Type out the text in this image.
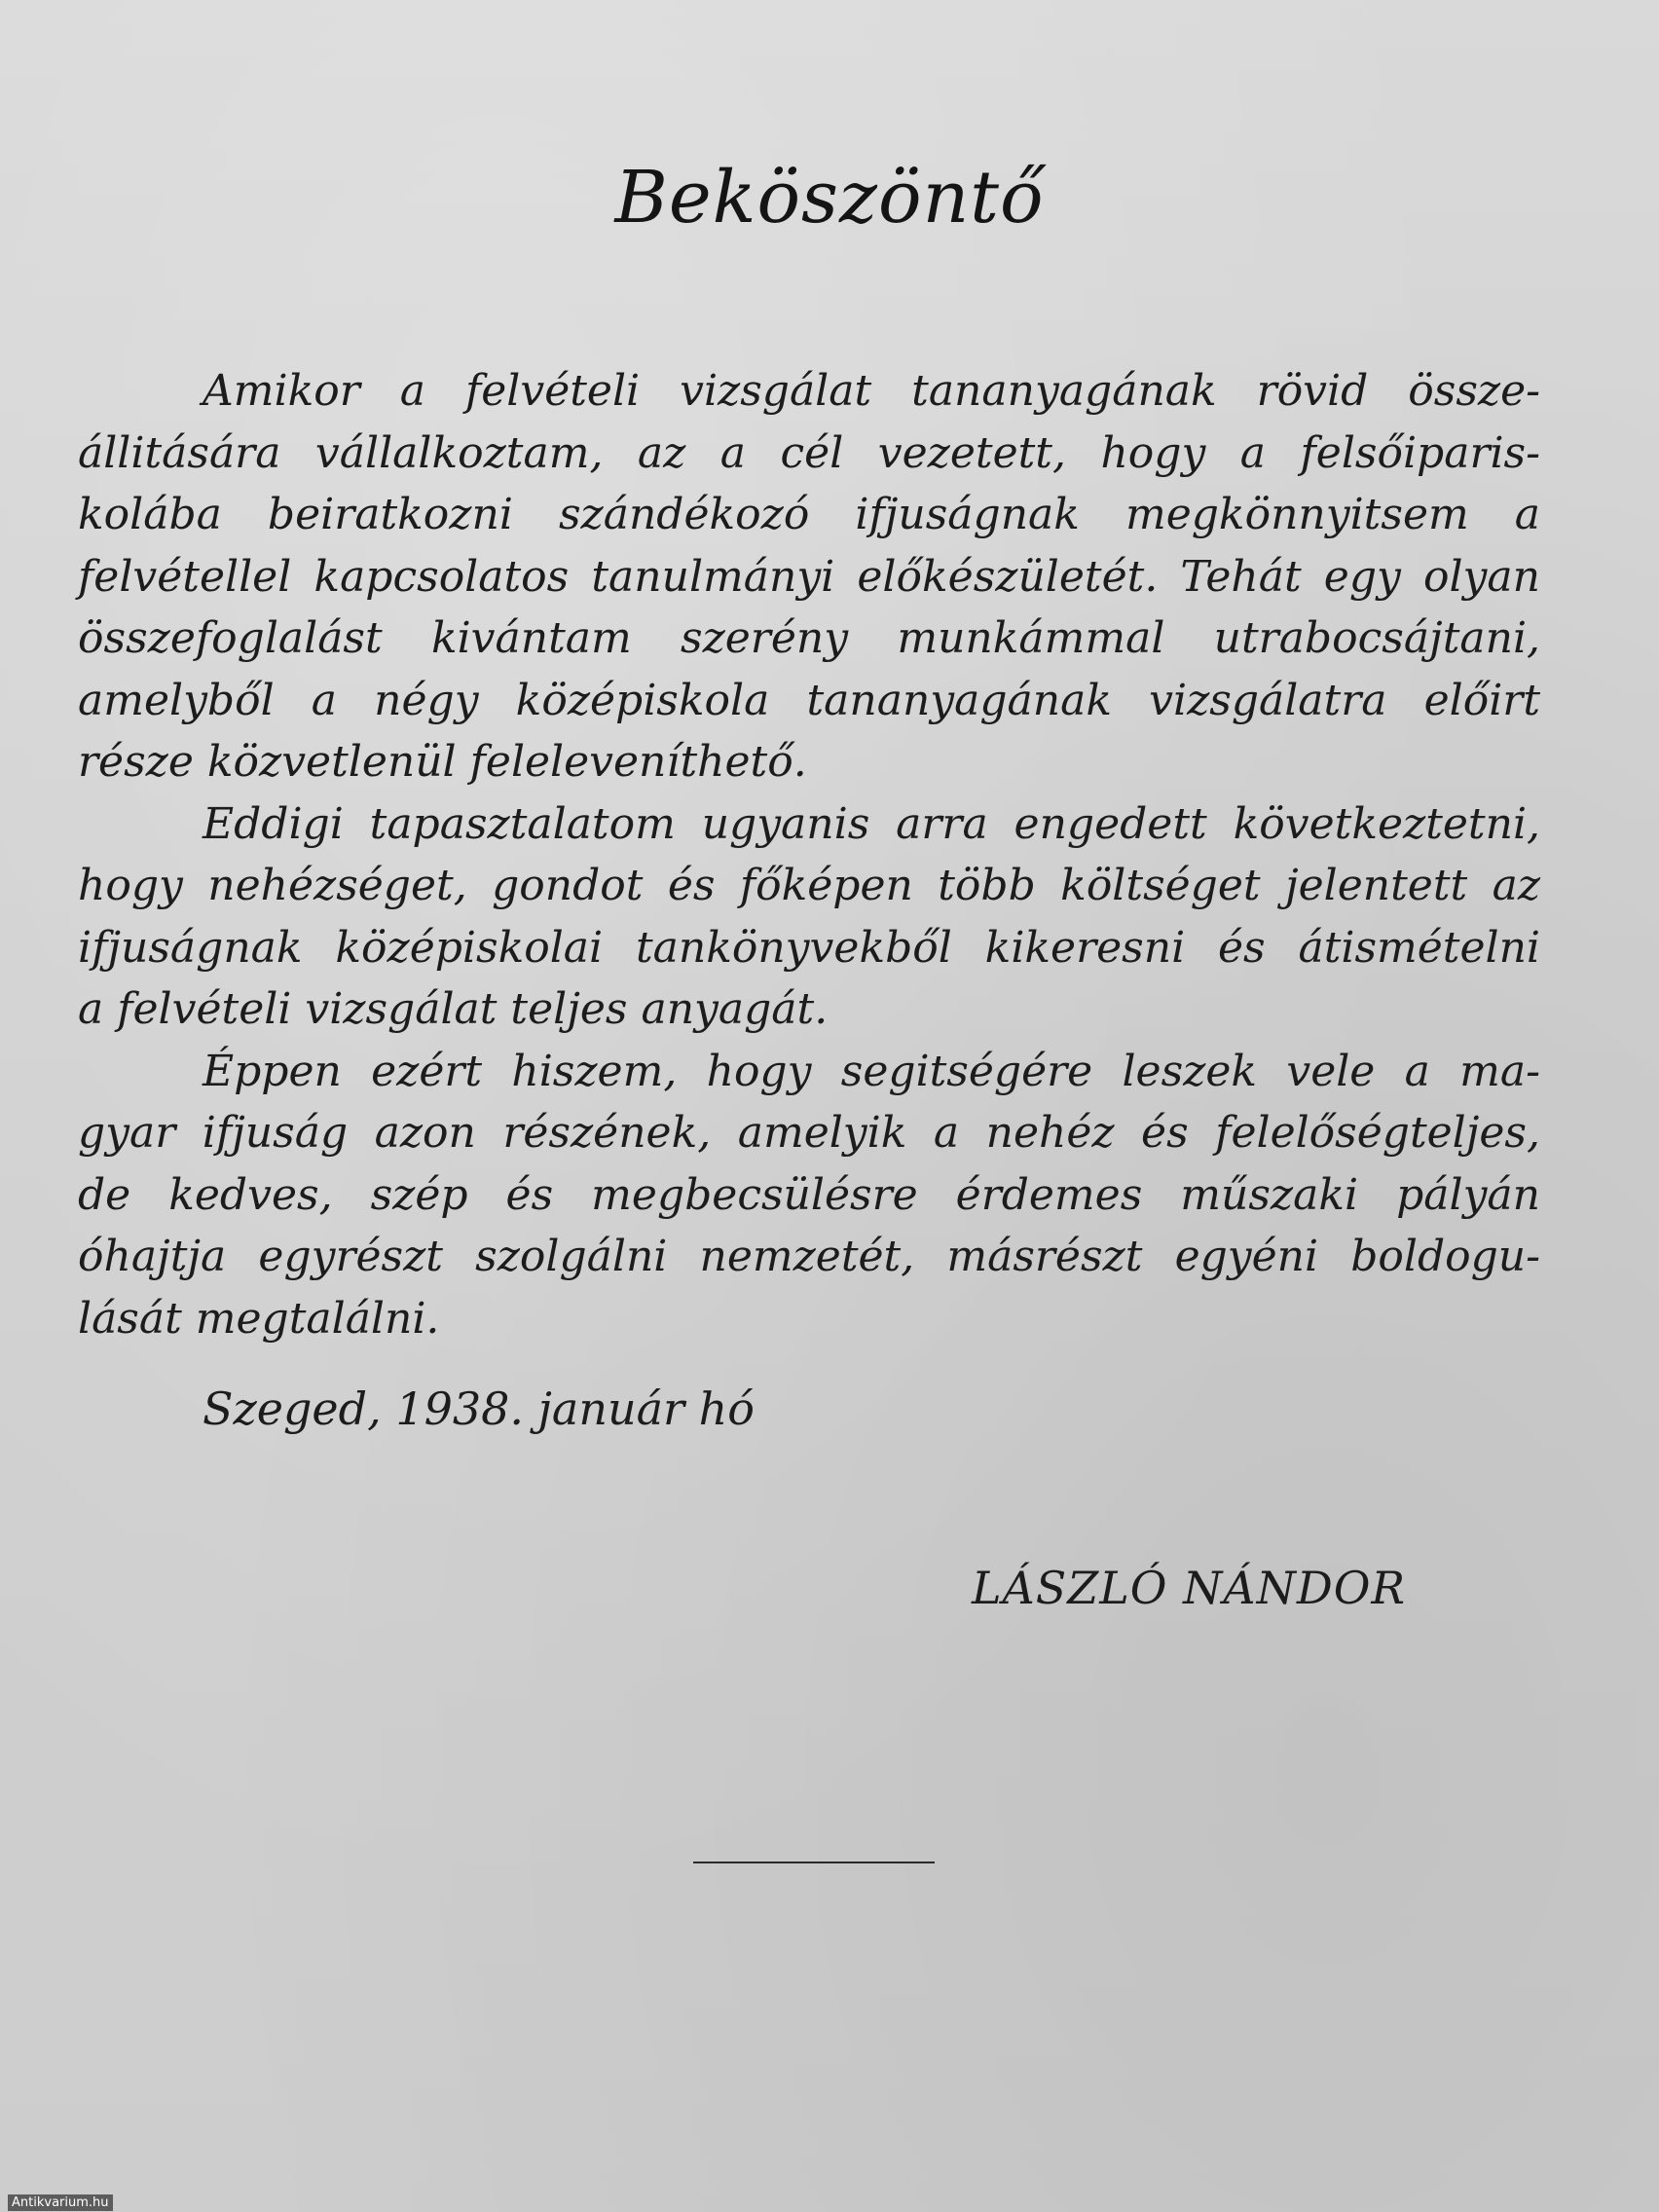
Beköszöntő
Amikor a felvételi vizsgálat tananyagának rövid össze-
állitására vállalkoztam, az a cél vezetett, hogy a felsőiparis-
kolába beiratkozni szándékozó ifjuságnak megkönnyitsem a
felvétellel kapcsolatos tanulmányi előkészületét. Tehát egy olyan
összefoglalást kivántam szerény munkámmal utrabocsájtani,
amelyből a négy középiskola tananyagának vizsgálatra előirt
része közvetlenül feleleveníthető.
Eddigi tapasztalatom ugyanis arra engedett következtetni,
hogy nehézséget, gondot és főképen több költséget jelentett az
ifjuságnak középiskolai tankönyvekből kikeresni és átismételni
a felvételi vizsgálat teljes anyagát.
Éppen ezért hiszem, hogy segitségére leszek vele a ma-
gyar ifjuság azon részének, amelyik a nehéz és felelőségteljes,
de kedves, szép és megbecsülésre érdemes műszaki pályán
óhajtja egyrészt szolgálni nemzetét, másrészt egyéni boldogu-
lását megtalálni.
Szeged, 1938. január hó
LÁSZLÓ NÁNDOR
Antikvarium.hu
